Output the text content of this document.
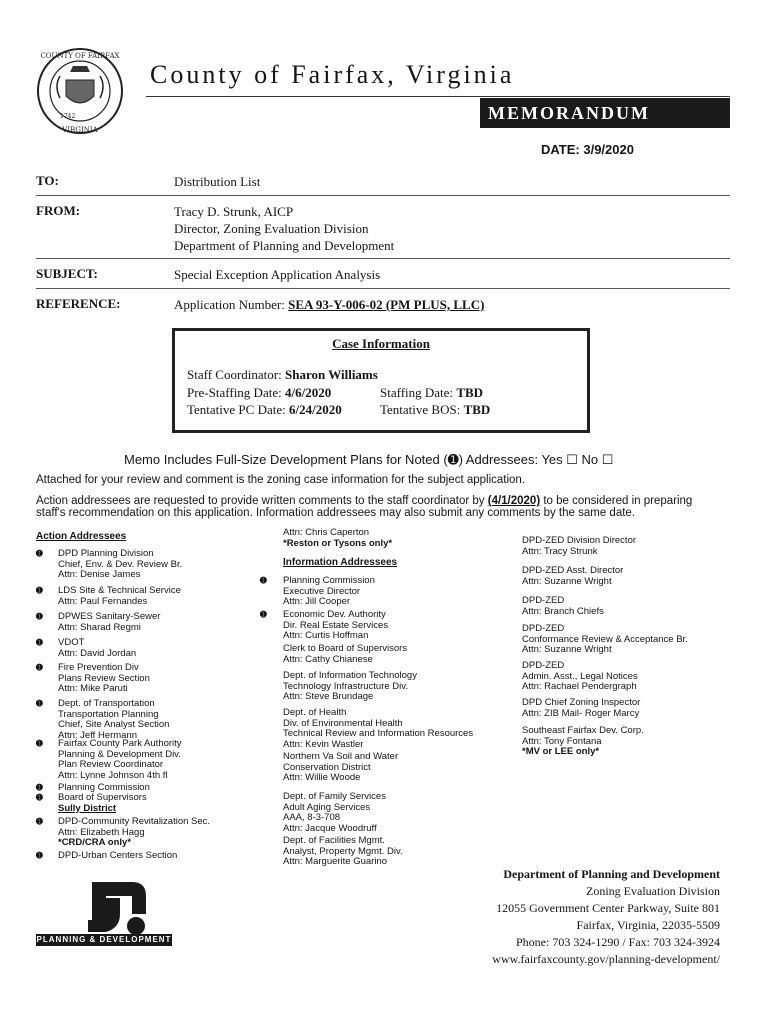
COUNTY OF FAIRFAX
1742
VIRGINIA
County of Fairfax, Virginia
MEMORANDUM
DATE: 3/9/2020
TO:	Distribution List
FROM:	Tracy D. Strunk, AICP
Director, Zoning Evaluation Division
Department of Planning and Development
SUBJECT:	Special Exception Application Analysis
REFERENCE:	Application Number: SEA 93-Y-006-02 (PM PLUS, LLC)
Case Information
Staff Coordinator: Sharon Williams
Pre-Staffing Date: 4/6/2020	Staffing Date: TBD
Tentative PC Date: 6/24/2020	Tentative BOS: TBD
Memo Includes Full-Size Development Plans for Noted (➊) Addressees: Yes ☐ No ☐
Attached for your review and comment is the zoning case information for the subject application.
Action addressees are requested to provide written comments to the staff coordinator by (4/1/2020) to be considered in preparing
staff's recommendation on this application. Information addressees may also submit any comments by the same date.
Action Addressees
➊ DPD Planning Division
Chief, Env. & Dev. Review Br.
Attn: Denise James
➊ LDS Site & Technical Service
Attn: Paul Fernandes
➊ DPWES Sanitary-Sewer
Attn: Sharad Regmi
➊ VDOT
Attn: David Jordan
➊ Fire Prevention Div
Plans Review Section
Attn: Mike Paruti
➊ Dept. of Transportation
Transportation Planning
Chief, Site Analyst Section
Attn: Jeff Hermann
➊ Fairfax County Park Authority
Planning & Development Div.
Plan Review Coordinator
Attn: Lynne Johnson 4th fl
➊ Planning Commission
➊ Board of Supervisors
Sully District
➊ DPD-Community Revitalization Sec.
Attn: Elizabeth Hagg
*CRD/CRA only*
➊ DPD-Urban Centers Section
Attn: Chris Caperton
*Reston or Tysons only*
Information Addressees
➊ Planning Commission
Executive Director
Attn: Jill Cooper
➊ Economic Dev. Authority
Dir. Real Estate Services
Attn: Curtis Hoffman
Clerk to Board of Supervisors
Attn: Cathy Chianese
Dept. of Information Technology
Technology Infrastructure Div.
Attn: Steve Brundage
Dept. of Health
Div. of Environmental Health
Technical Review and Information Resources
Attn: Kevin Wastler
Northern Va Soil and Water
Conservation District
Attn: Willie Woode
Dept. of Family Services
Adult Aging Services
AAA, 8-3-708
Attn: Jacque Woodruff
Dept. of Facilities Mgmt.
Analyst, Property Mgmt. Div.
Attn: Marguerite Guarino
DPD-ZED Division Director
Attn: Tracy Strunk
DPD-ZED Asst. Director
Attn: Suzanne Wright
DPD-ZED
Attn: Branch Chiefs
DPD-ZED
Conformance Review & Acceptance Br.
Attn: Suzanne Wright
DPD-ZED
Admin. Asst., Legal Notices
Attn: Rachael Pendergraph
DPD Chief Zoning Inspector
Attn: ZIB Mail- Roger Marcy
Southeast Fairfax Dev. Corp.
Attn: Tony Fontana
*MV or LEE only*
PLANNING & DEVELOPMENT
Department of Planning and Development
Zoning Evaluation Division
12055 Government Center Parkway, Suite 801
Fairfax, Virginia, 22035-5509
Phone: 703 324-1290 / Fax: 703 324-3924
www.fairfaxcounty.gov/planning-development/
